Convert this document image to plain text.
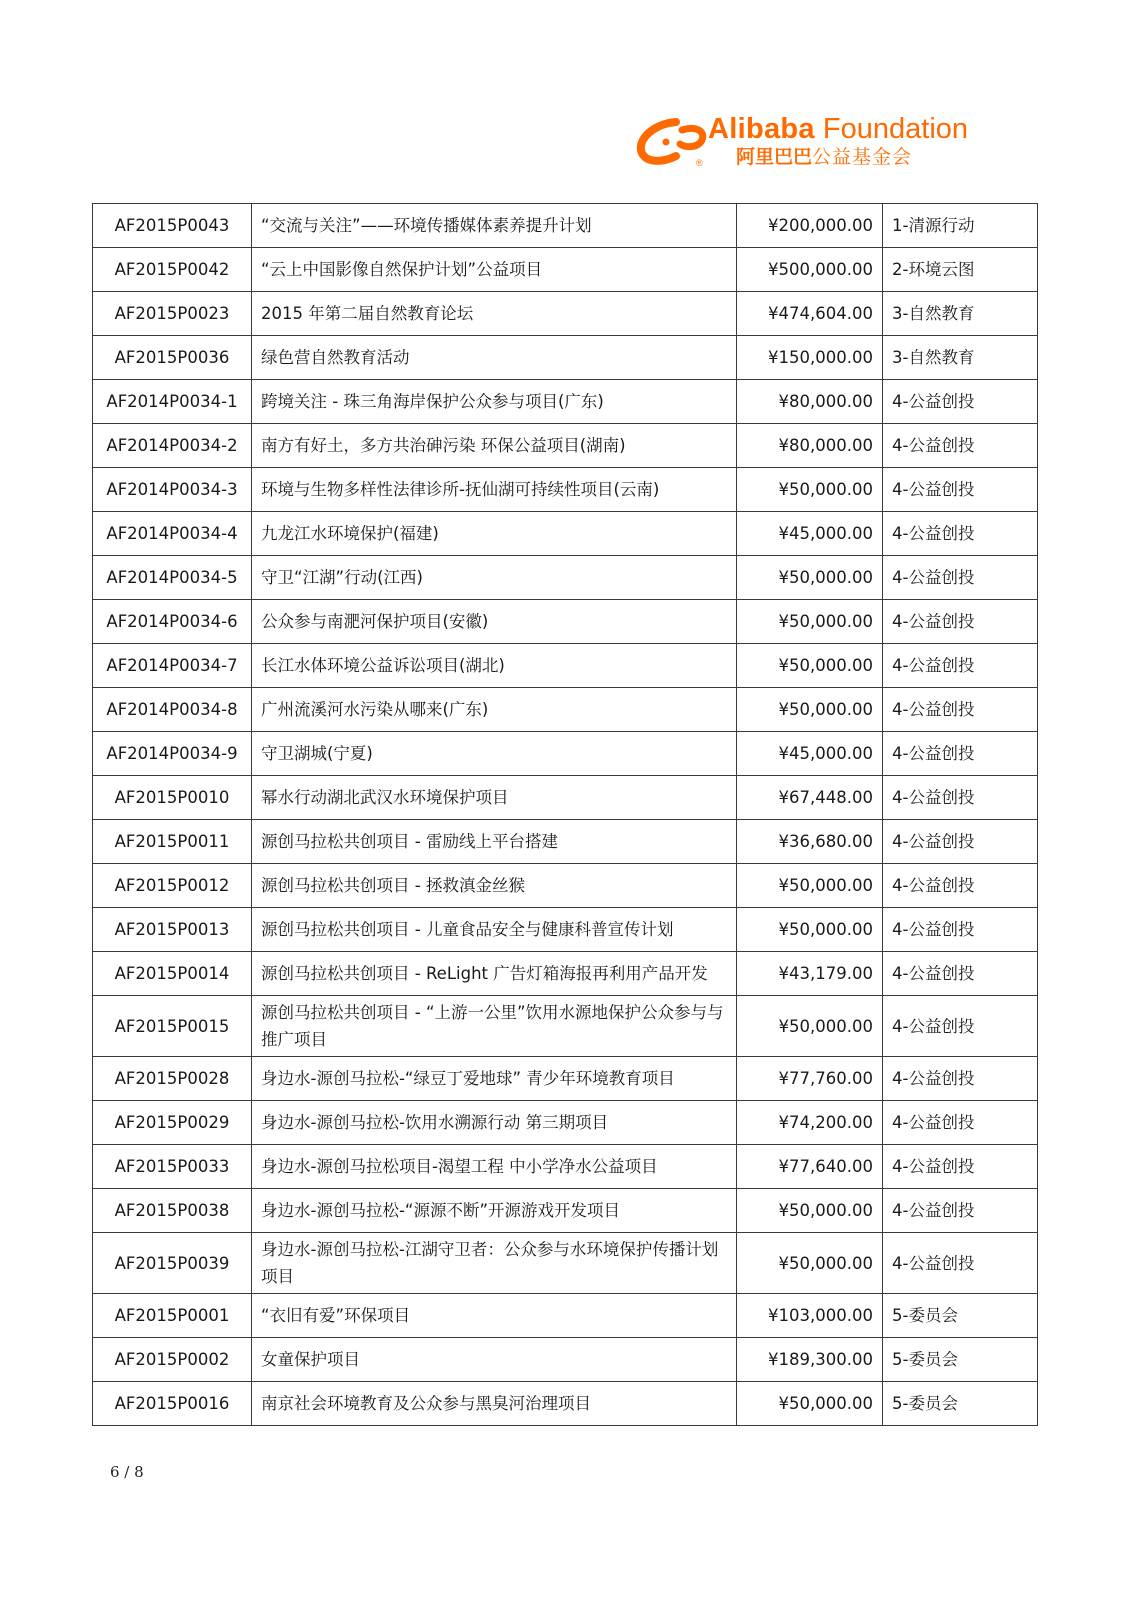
®
Alibaba Foundation
阿里巴巴公益基金会
AF2015P0043	“交流与关注”——环境传播媒体素养提升计划	¥200,000.00	1-清源行动
AF2015P0042	“云上中国影像自然保护计划”公益项目	¥500,000.00	2-环境云图
AF2015P0023	2015 年第二届自然教育论坛	¥474,604.00	3-自然教育
AF2015P0036	绿色营自然教育活动	¥150,000.00	3-自然教育
AF2014P0034-1	跨境关注 - 珠三角海岸保护公众参与项目(广东)	¥80,000.00	4-公益创投
AF2014P0034-2	南方有好土，多方共治砷污染 环保公益项目(湖南)	¥80,000.00	4-公益创投
AF2014P0034-3	环境与生物多样性法律诊所-抚仙湖可持续性项目(云南)	¥50,000.00	4-公益创投
AF2014P0034-4	九龙江水环境保护(福建)	¥45,000.00	4-公益创投
AF2014P0034-5	守卫“江湖”行动(江西)	¥50,000.00	4-公益创投
AF2014P0034-6	公众参与南淝河保护项目(安徽)	¥50,000.00	4-公益创投
AF2014P0034-7	长江水体环境公益诉讼项目(湖北)	¥50,000.00	4-公益创投
AF2014P0034-8	广州流溪河水污染从哪来(广东)	¥50,000.00	4-公益创投
AF2014P0034-9	守卫湖城(宁夏)	¥45,000.00	4-公益创投
AF2015P0010	幂水行动湖北武汉水环境保护项目	¥67,448.00	4-公益创投
AF2015P0011	源创马拉松共创项目 - 雷励线上平台搭建	¥36,680.00	4-公益创投
AF2015P0012	源创马拉松共创项目 - 拯救滇金丝猴	¥50,000.00	4-公益创投
AF2015P0013	源创马拉松共创项目 - 儿童食品安全与健康科普宣传计划	¥50,000.00	4-公益创投
AF2015P0014	源创马拉松共创项目 - ReLight 广告灯箱海报再利用产品开发	¥43,179.00	4-公益创投
AF2015P0015	源创马拉松共创项目 - “上游一公里”饮用水源地保护公众参与与推广项目	¥50,000.00	4-公益创投
AF2015P0028	身边水-源创马拉松-“绿豆丁爱地球” 青少年环境教育项目	¥77,760.00	4-公益创投
AF2015P0029	身边水-源创马拉松-饮用水溯源行动 第三期项目	¥74,200.00	4-公益创投
AF2015P0033	身边水-源创马拉松项目-渴望工程 中小学净水公益项目	¥77,640.00	4-公益创投
AF2015P0038	身边水-源创马拉松-“源源不断”开源游戏开发项目	¥50,000.00	4-公益创投
AF2015P0039	身边水-源创马拉松-江湖守卫者：公众参与水环境保护传播计划项目	¥50,000.00	4-公益创投
AF2015P0001	“衣旧有爱”环保项目	¥103,000.00	5-委员会
AF2015P0002	女童保护项目	¥189,300.00	5-委员会
AF2015P0016	南京社会环境教育及公众参与黑臭河治理项目	¥50,000.00	5-委员会
6 / 8
